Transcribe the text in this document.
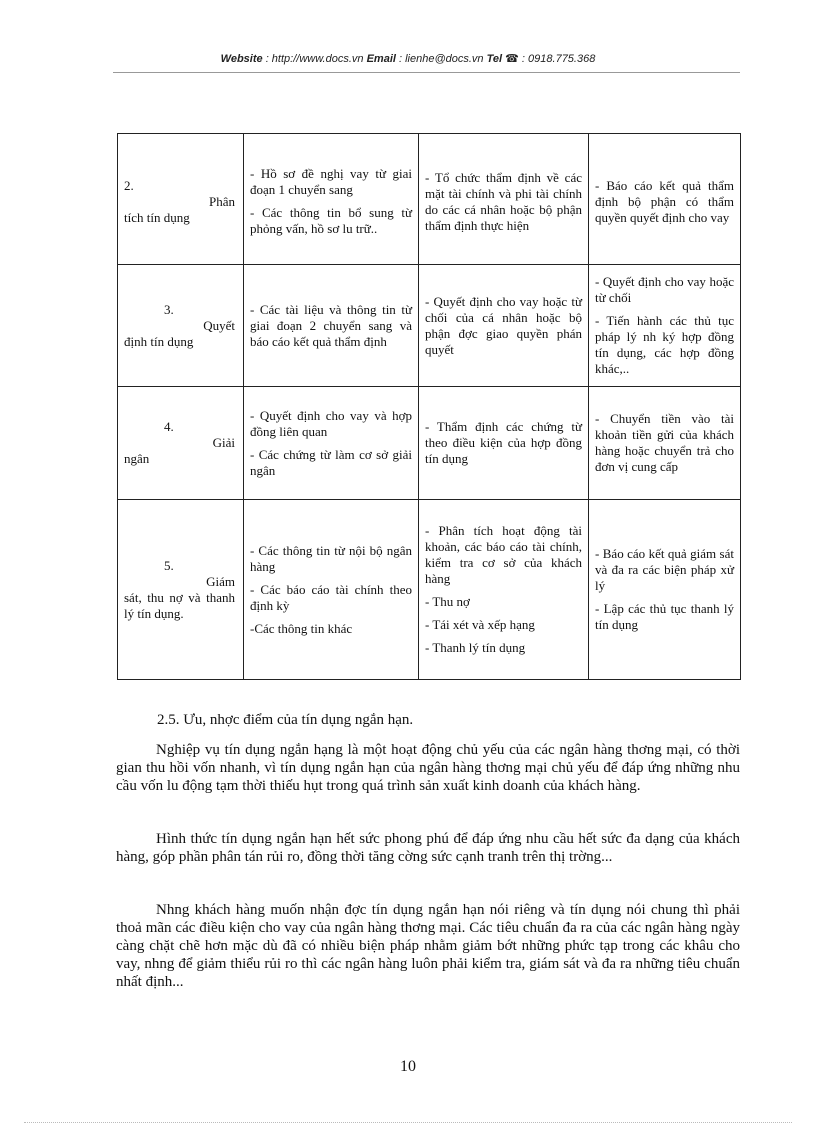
Website : http://www.docs.vn Email : lienhe@docs.vn Tel ☎ : 0918.775.368
2.
Phân
tích tín dụng	- Hồ sơ đề nghị vay từ giai đoạn 1 chuyển sang
- Các thông tin bổ sung từ phỏng vấn, hồ sơ lu trữ..	- Tổ chức thẩm định về các mặt tài chính và phi tài chính do các cá nhân hoặc bộ phận thẩm định thực hiện	- Báo cáo kết quả thẩm định bộ phận có thẩm quyền quyết định cho vay

3.
Quyết
định tín dụng	- Các tài liệu và thông tin từ giai đoạn 2 chuyển sang và báo cáo kết quả thẩm định	- Quyết định cho vay hoặc từ chối của cá nhân hoặc bộ phận đợc giao quyền phán quyết	- Quyết định cho vay hoặc từ chối
- Tiến hành các thủ tục pháp lý nh ký hợp đồng tín dụng, các hợp đồng khác,..

4.
Giải
ngân	- Quyết định cho vay và hợp đồng liên quan
- Các chứng từ làm cơ sở giải ngân	- Thẩm định các chứng từ theo điều kiện của hợp đồng tín dụng	- Chuyển tiền vào tài khoản tiền gửi của khách hàng hoặc chuyển trả cho đơn vị cung cấp

5.
Giám
sát, thu nợ và thanh lý tín dụng.	- Các thông tin từ nội bộ ngân hàng
- Các báo cáo tài chính theo định kỳ
-Các thông tin khác	- Phân tích hoạt động tài khoản, các báo cáo tài chính, kiểm tra cơ sở của khách hàng
- Thu nợ
- Tái xét và xếp hạng
- Thanh lý tín dụng	- Báo cáo kết quả giám sát và đa ra các biện pháp xử lý
- Lập các thủ tục thanh lý tín dụng
2.5. Ưu, nhợc điểm của tín dụng ngắn hạn.

Nghiệp vụ tín dụng ngắn hạng là một hoạt động chủ yếu của các ngân hàng thơng mại, có thời gian thu hồi vốn nhanh, vì tín dụng ngắn hạn của ngân hàng thơng mại chủ yếu để đáp ứng những nhu cầu vốn lu động tạm thời thiếu hụt trong quá trình sản xuất kinh doanh của khách hàng.

Hình thức tín dụng ngắn hạn hết sức phong phú để đáp ứng nhu cầu hết sức đa dạng của khách hàng, góp phần phân tán rủi ro, đồng thời tăng cờng sức cạnh tranh trên thị trờng...

Nhng khách hàng muốn nhận đợc tín dụng ngắn hạn nói riêng và tín dụng nói chung thì phải thoả mãn các điều kiện cho vay của ngân hàng thơng mại. Các tiêu chuẩn đa ra của các ngân hàng ngày càng chặt chẽ hơn mặc dù đã có nhiều biện pháp nhằm giảm bớt những phức tạp trong các khâu cho vay, nhng để giảm thiểu rủi ro thì các ngân hàng luôn phải kiểm tra, giám sát và đa ra những tiêu chuẩn nhất định...

10
